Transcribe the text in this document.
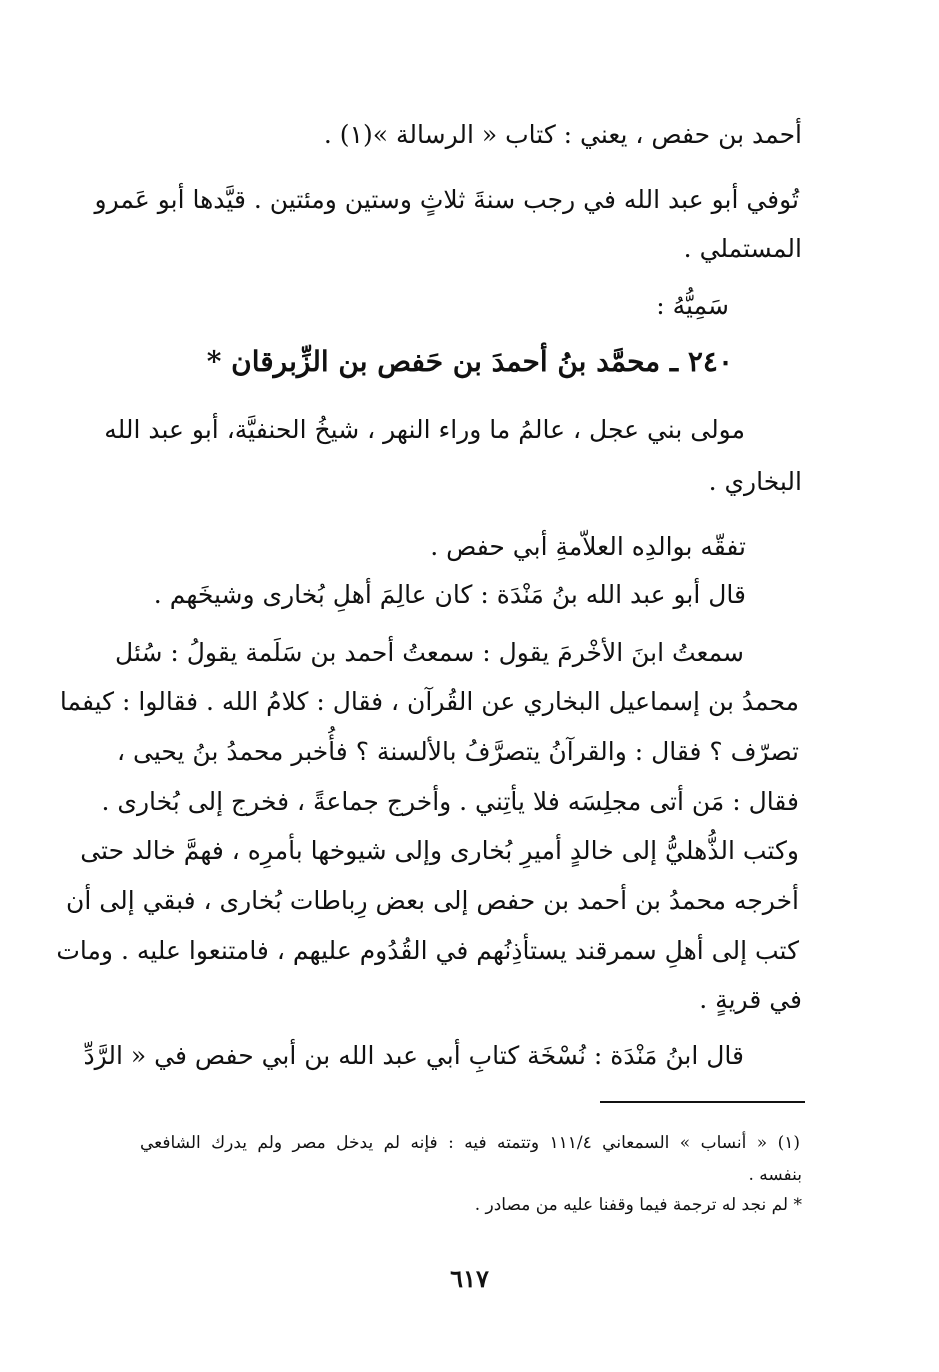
أحمد بن حفص ، يعني : كتاب « الرسالة »(١) .
تُوفي أبو عبد الله في رجب سنةَ ثلاثٍ وستين ومئتين . قيَّدها أبو عَمرو
المستملي .
سَمِيُّهُ :
٢٤٠ ـ محمَّد بنُ أحمدَ بن حَفص بن الزِّبرقان *
مولى بني عجل ، عالمُ ما وراء النهر ، شيخُ الحنفيَّة، أبو عبد الله
البخاري .
تفقّه بوالدِه العلاّمةِ أبي حفص .
قال أبو عبد الله بنُ مَنْدَة : كان عالِمَ أهلِ بُخارى وشيخَهم .
سمعتُ ابنَ الأخْرمَ يقول : سمعتُ أحمد بن سَلَمة يقولُ : سُئل
محمدُ بن إسماعيل البخاري عن القُرآن ، فقال : كلامُ الله . فقالوا : كيفما
تصرّف ؟ فقال : والقرآنُ يتصرَّفُ بالألسنة ؟ فأُخبر محمدُ بنُ يحيى ،
فقال : مَن أتى مجلِسَه فلا يأتِني . وأخرج جماعةً ، فخرج إلى بُخارى .
وكتب الذُّهليُّ إلى خالدٍ أميرِ بُخارى وإلى شيوخها بأمرِه ، فهمَّ خالد حتى
أخرجه محمدُ بن أحمد بن حفص إلى بعض رِباطات بُخارى ، فبقي إلى أن
كتب إلى أهلِ سمرقند يستأذِنُهم في القُدُوم عليهم ، فامتنعوا عليه . ومات
في قريةٍ .
قال ابنُ مَنْدَة : نُسْخَة كتابِ أبي عبد الله بن أبي حفص في « الرَّدِّ
(١) « أنساب » السمعاني ١١١/٤ وتتمته فيه : فإنه لم يدخل مصر ولم يدرك الشافعي
بنفسه .
* لم نجد له ترجمة فيما وقفنا عليه من مصادر .
٦١٧
